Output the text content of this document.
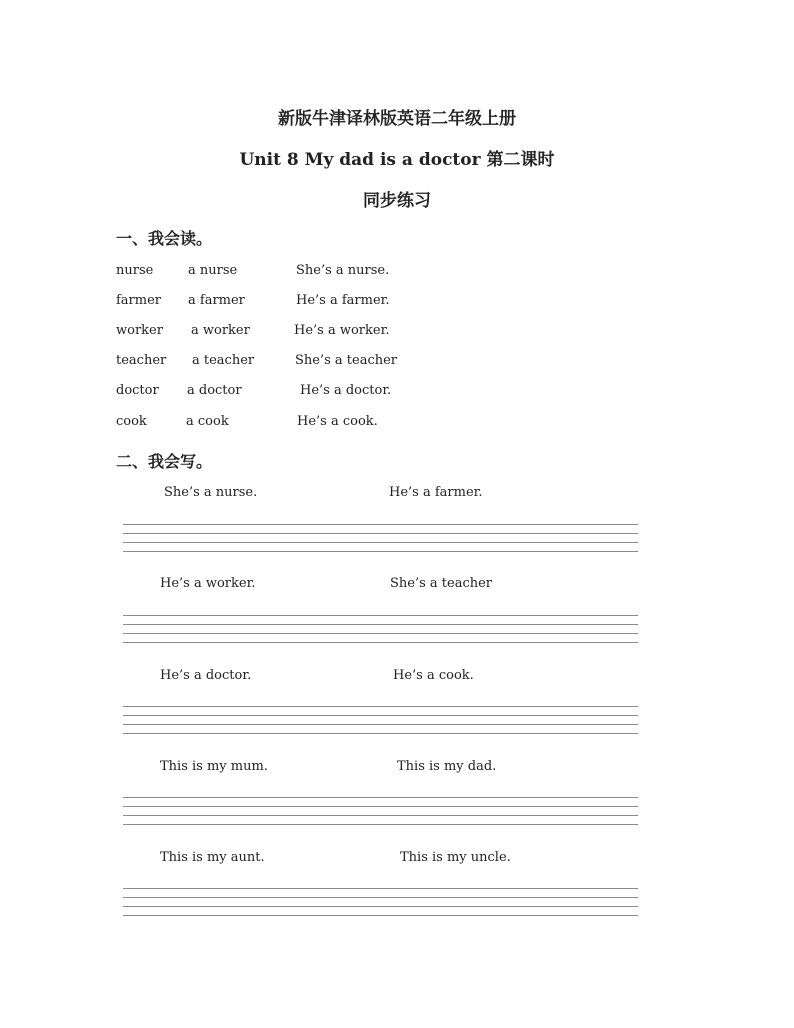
新版牛津译林版英语二年级上册
Unit 8 My dad is a doctor 第二课时
同步练习
一、我会读。
nurse	a nurse	She’s a nurse.
farmer a farmer	He’s a farmer.
worker a worker	He’s a worker.
teacher a teacher	She’s a teacher
doctor a doctor	He’s a doctor.
cook	a cook	He’s a cook.
二、我会写。
She’s a nurse.	He’s a farmer.
He’s a worker.	She’s a teacher
He’s a doctor.	He’s a cook.
This is my mum.	This is my dad.
This is my aunt.	This is my uncle.
